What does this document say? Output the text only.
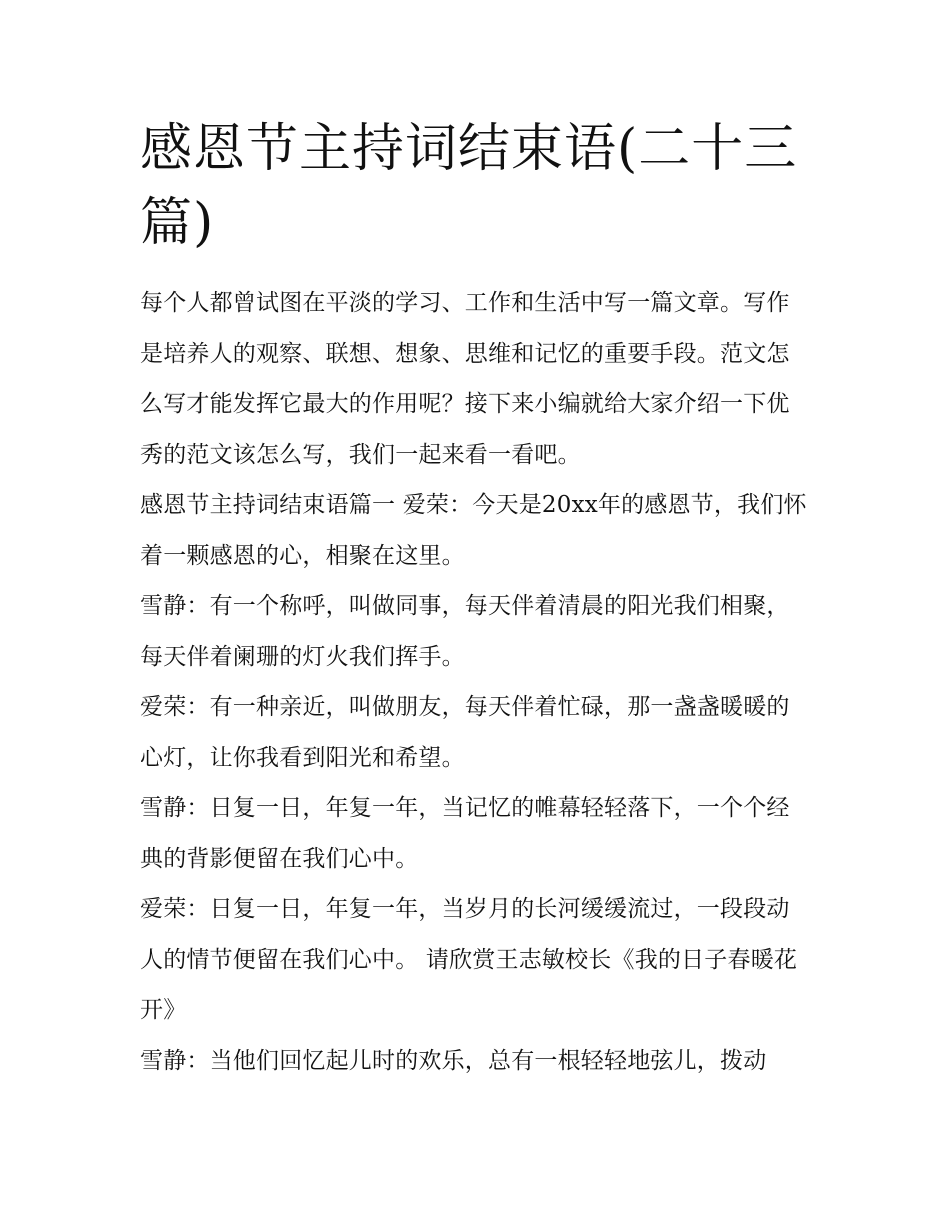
感恩节主持词结束语(二十三篇)

每个人都曾试图在平淡的学习、工作和生活中写一篇文章。写作是培养人的观察、联想、想象、思维和记忆的重要手段。范文怎么写才能发挥它最大的作用呢？接下来小编就给大家介绍一下优秀的范文该怎么写，我们一起来看一看吧。

感恩节主持词结束语篇一 爱荣：今天是20xx年的感恩节，我们怀着一颗感恩的心，相聚在这里。

雪静：有一个称呼，叫做同事，每天伴着清晨的阳光我们相聚，每天伴着阑珊的灯火我们挥手。

爱荣：有一种亲近，叫做朋友，每天伴着忙碌，那一盏盏暖暖的心灯，让你我看到阳光和希望。

雪静：日复一日，年复一年，当记忆的帷幕轻轻落下，一个个经典的背影便留在我们心中。

爱荣：日复一日，年复一年，当岁月的长河缓缓流过，一段段动人的情节便留在我们心中。 请欣赏王志敏校长《我的日子春暖花开》

雪静：当他们回忆起儿时的欢乐，总有一根轻轻地弦儿，拨动
